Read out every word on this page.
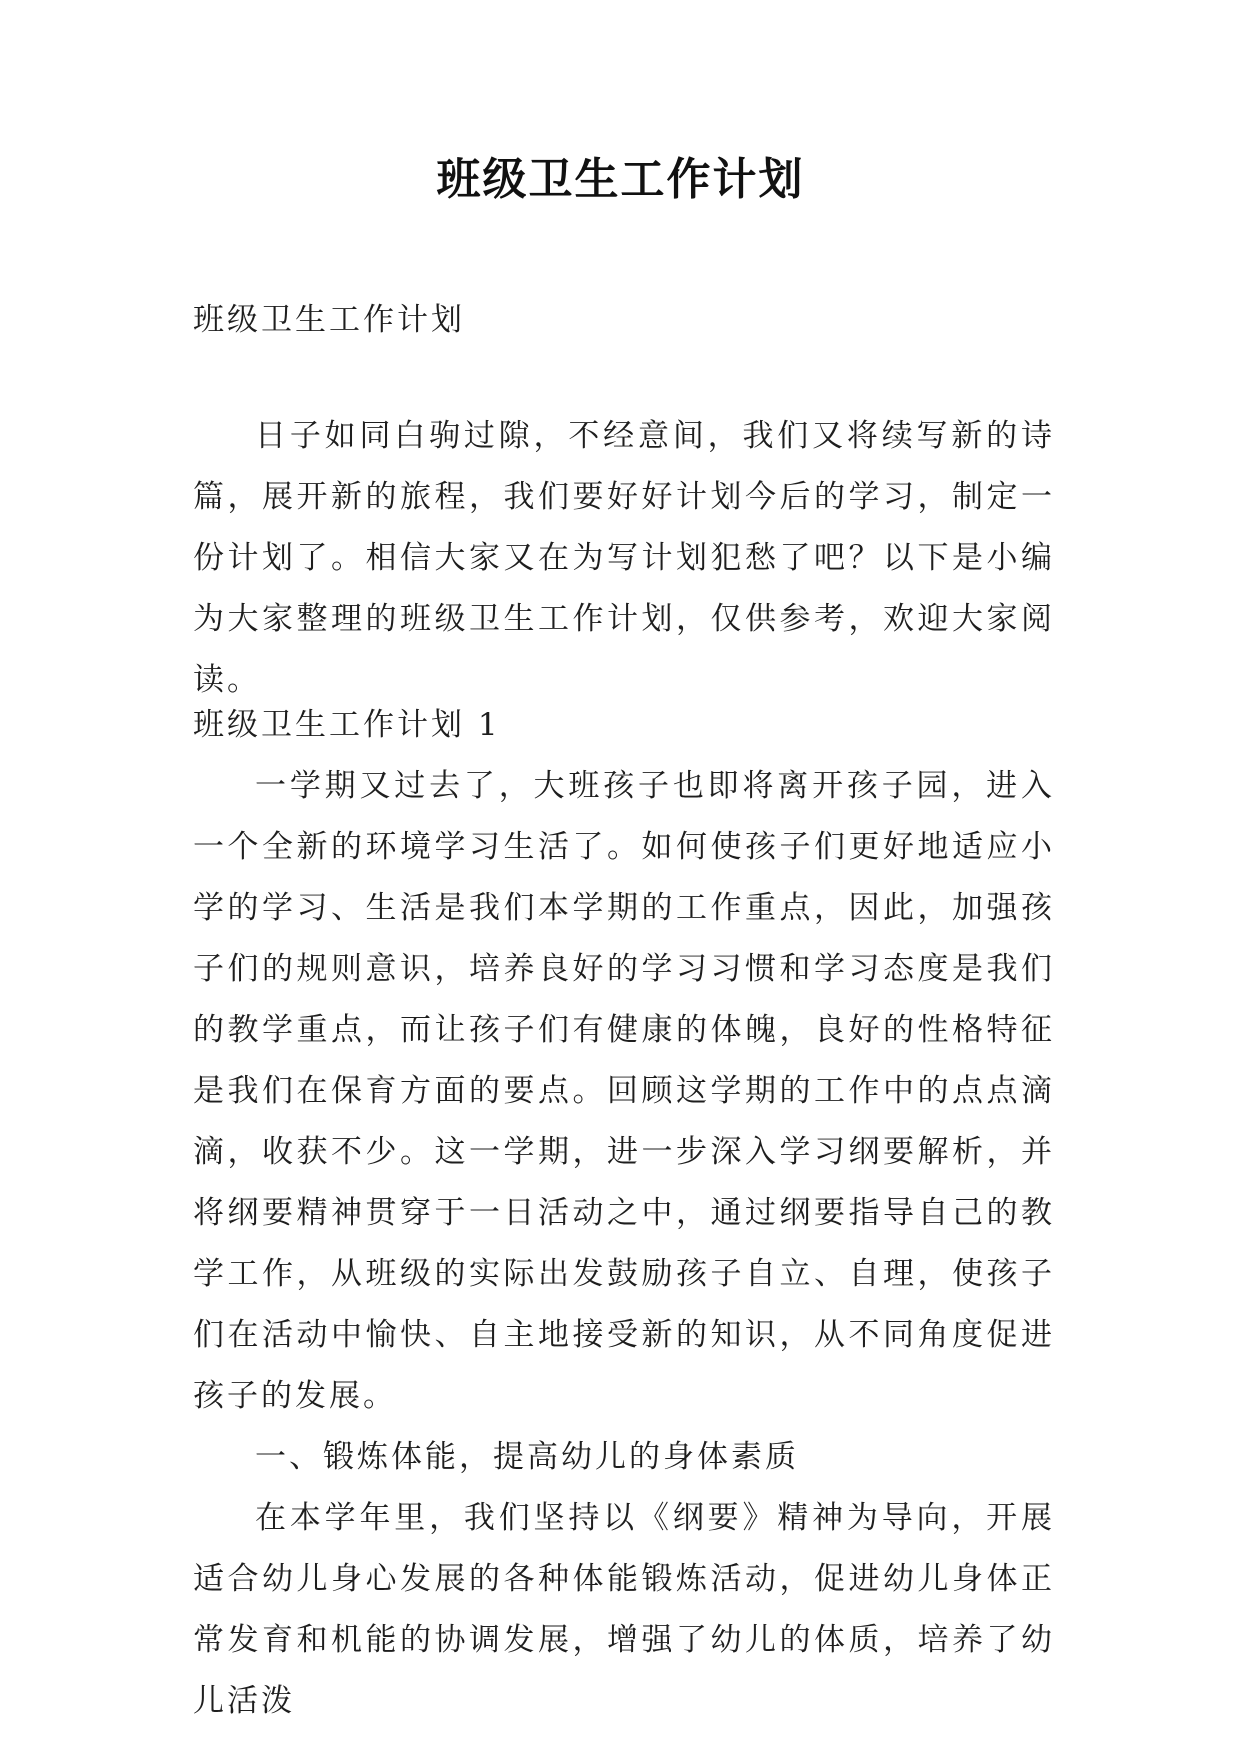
班级卫生工作计划
班级卫生工作计划

日子如同白驹过隙，不经意间，我们又将续写新的诗篇，展开新的旅程，我们要好好计划今后的学习，制定一份计划了。相信大家又在为写计划犯愁了吧？以下是小编为大家整理的班级卫生工作计划，仅供参考，欢迎大家阅读。

班级卫生工作计划 1

一学期又过去了，大班孩子也即将离开孩子园，进入一个全新的环境学习生活了。如何使孩子们更好地适应小学的学习、生活是我们本学期的工作重点，因此，加强孩子们的规则意识，培养良好的学习习惯和学习态度是我们的教学重点，而让孩子们有健康的体魄，良好的性格特征是我们在保育方面的要点。回顾这学期的工作中的点点滴滴，收获不少。这一学期，进一步深入学习纲要解析，并将纲要精神贯穿于一日活动之中，通过纲要指导自己的教学工作，从班级的实际出发鼓励孩子自立、自理，使孩子们在活动中愉快、自主地接受新的知识，从不同角度促进孩子的发展。

一、锻炼体能，提高幼儿的身体素质

在本学年里，我们坚持以《纲要》精神为导向，开展适合幼儿身心发展的各种体能锻炼活动，促进幼儿身体正常发育和机能的协调发展，增强了幼儿的体质，培养了幼儿活泼
